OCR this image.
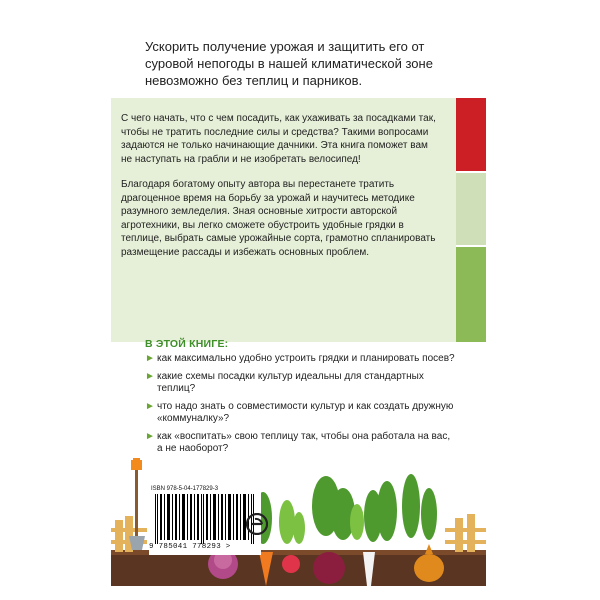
Ускорить получение урожая и защитить его от суровой непогоды в нашей климатической зоне невозможно без теплиц и парников.

С чего начать, что с чем посадить, как ухаживать за посадками так, чтобы не тратить последние силы и средства? Такими вопросами задаются не только начинающие дачники. Эта книга поможет вам не наступать на грабли и не изобретать велосипед!

Благодаря богатому опыту автора вы перестанете тратить драгоценное время на борьбу за урожай и научитесь методике разумного земледелия. Зная основные хитрости авторской агротехники, вы легко сможете обустроить удобные грядки в теплице, выбрать самые урожайные сорта, грамотно спланировать размещение рассады и избежать основных проблем.

В ЭТОЙ КНИГЕ:
► как максимально удобно устроить грядки и планировать посев?
► какие схемы посадки культур идеальны для стандартных теплиц?
► что надо знать о совместимости культур и как создать дружную «коммуналку»?
► как «воспитать» свою теплицу так, чтобы она работала на вас, а не наоборот?
ISBN 978-5-04-177829-3
9 785041 778293 >
